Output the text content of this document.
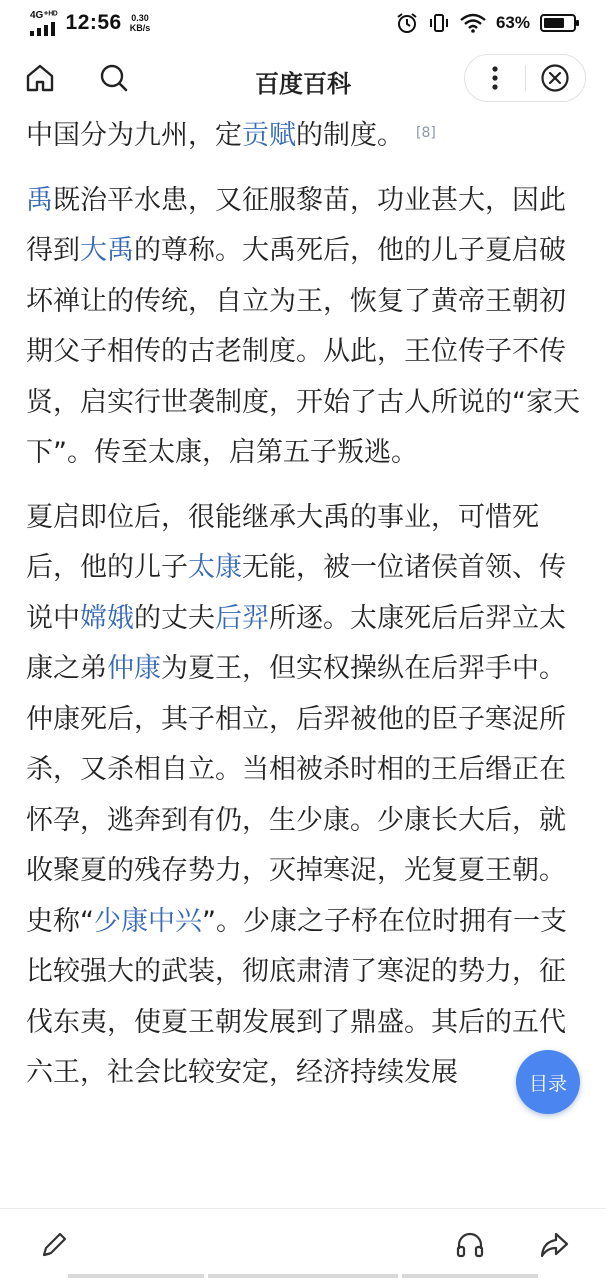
4G⁺ᴴᴰ 12:56 0.30
KB/s	63%
百度百科

中国分为九州，定贡赋的制度。 [8]

禹既治平水患，又征服黎苗，功业甚大，因此得到大禹的尊称。大禹死后，他的儿子夏启破坏禅让的传统，自立为王，恢复了黄帝王朝初期父子相传的古老制度。从此，王位传子不传贤，启实行世袭制度，开始了古人所说的“家天下”。传至太康，启第五子叛逃。

夏启即位后，很能继承大禹的事业，可惜死后，他的儿子太康无能，被一位诸侯首领、传说中嫦娥的丈夫后羿所逐。太康死后后羿立太康之弟仲康为夏王，但实权操纵在后羿手中。仲康死后，其子相立，后羿被他的臣子寒浞所杀，又杀相自立。当相被杀时相的王后缗正在怀孕，逃奔到有仍，生少康。少康长大后，就收聚夏的残存势力，灭掉寒浞，光复夏王朝。史称“少康中兴”。少康之子杼在位时拥有一支比较强大的武装，彻底肃清了寒浞的势力，征伐东夷，使夏王朝发展到了鼎盛。其后的五代六王，社会比较安定，经济持续发展	目录
